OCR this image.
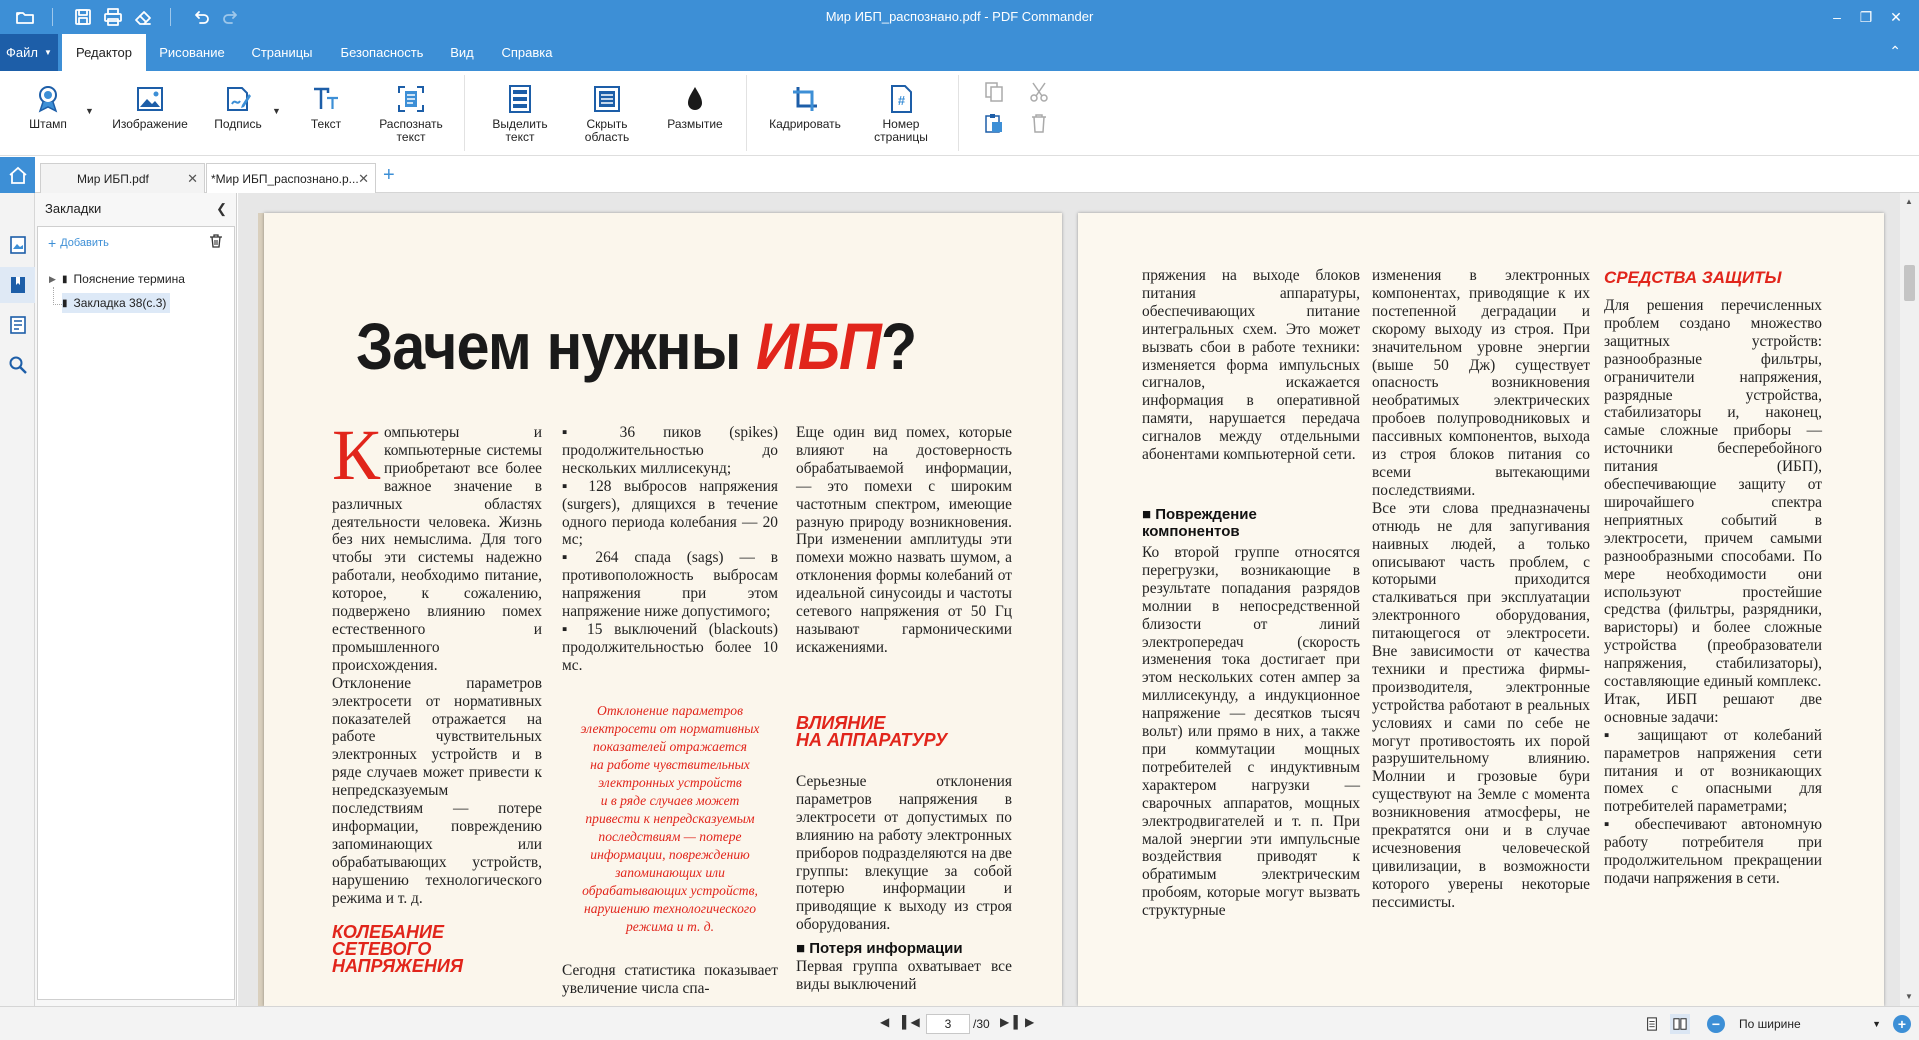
Мир ИБП_распознано.pdf - PDF Commander	–	❐	✕
Файл ▼	Редактор	Рисование	Страницы	Безопасность	Вид	Справка	⌃
Штамп
▼
Изображение Подпись
▼
Текст	Распознать
текст
Выделить
текст
Скрыть
область
Размытие	Кадрировать
#
Номер
страницы
Мир ИБП.pdf	✕ *Мир ИБП_распознано.p... ✕ +
Закладки	❮
+ Добавить
▶ ▮ Пояснение термина
▮ Закладка 38(с.3)
Зачем нужны ИБП?
Компьютеры и компьютерные системы приобретают все более важное значение в различных областях деятельности человека. Жизнь без них немыслима. Для того чтобы эти системы надежно работали, необходимо питание, которое, к сожалению, подвержено влиянию помех естественного и промышленного происхождения.
Отклонение параметров электросети от нормативных показателей отражается на работе чувствительных электронных устройств и в ряде случаев может привести к непредсказуемым последствиям — потере информации, повреждению запоминающих или обрабатывающих устройств, нарушению технологического режима и т. д.
КОЛЕБАНИЕ
СЕТЕВОГО
НАПРЯЖЕНИЯ
▪ 36 пиков (spikes) продолжительностью до нескольких миллисекунд;
▪ 128 выбросов напряжения (surgers), длящихся в течение одного периода колебания — 20 мс;
▪ 264 спада (sags) — в противоположность выбросам напряжения при этом напряжение ниже допустимого;
▪ 15 выключений (blackouts) продолжительностью более 10 мс.
Отклонение параметров
электросети от нормативных
показателей отражается
на работе чувствительных
электронных устройств
и в ряде случаев может
привести к непредсказуемым
последствиям — потере
информации, повреждению
запоминающих или
обрабатывающих устройств,
нарушению технологического
режима и т. д.
Сегодня статистика показывает увеличение числа спа-
Еще один вид помех, которые влияют на достоверность обрабатываемой информации, — это помехи с широким частотным спектром, имеющие разную природу возникновения. При изменении амплитуды эти помехи можно назвать шумом, а отклонения формы колебаний от идеальной синусоиды и частоты сетевого напряжения от 50 Гц называют гармоническими искажениями.
ВЛИЯНИЕ
НА АППАРАТУРУ
Серьезные отклонения параметров напряжения в электросети от допустимых по влиянию на работу электронных приборов подразделяются на две группы: влекущие за собой потерю информации и приводящие к выходу из строя оборудования.
■ Потеря информации
Первая группа охватывает все виды выключений
пряжения на выходе блоков питания аппаратуры, обеспечивающих питание интегральных схем. Это может вызвать сбои в работе техники: изменяется форма импульсных сигналов, искажается информация в оперативной памяти, нарушается передача сигналов между отдельными абонентами компьютерной сети.
■ Повреждение
компонентов
Ко второй группе относятся перегрузки, возникающие в результате попадания разрядов молнии в непосредственной близости от линий электропередач (скорость изменения тока достигает при этом нескольких сотен ампер за миллисекунду, а индукционное напряжение — десятков тысяч вольт) или прямо в них, а также при коммутации мощных потребителей с индуктивным характером нагрузки — сварочных аппаратов, мощных электродвигателей и т. п. При малой энергии эти импульсные воздействия приводят к обратимым электрическим пробоям, которые могут вызвать структурные
изменения в электронных компонентах, приводящие к их постепенной деградации и скорому выходу из строя. При значительном уровне энергии (выше 50 Дж) существует опасность возникновения необратимых электрических пробоев полупроводниковых и пассивных компонентов, выхода из строя блоков питания со всеми вытекающими последствиями.
Все эти слова предназначены отнюдь не для запугивания наивных людей, а только описывают часть проблем, с которыми приходится сталкиваться при эксплуатации электронного оборудования, питающегося от электросети. Вне зависимости от качества техники и престижа фирмы-производителя, электронные устройства работают в реальных условиях и сами по себе не могут противостоять их порой разрушительному влиянию. Молнии и грозовые бури существуют на Земле с момента возникновения атмосферы, не прекратятся они и в случае исчезновения человеческой цивилизации, в возможности которого уверены некоторые пессимисты.
СРЕДСТВА ЗАЩИТЫ
Для решения перечисленных проблем создано множество защитных устройств: разнообразные фильтры, ограничители напряжения, разрядные устройства, стабилизаторы и, наконец, самые сложные приборы — источники бесперебойного питания (ИБП), обеспечивающие защиту от широчайшего спектра неприятных событий в электросети, причем самыми разнообразными способами. По мере необходимости они используют простейшие средства (фильтры, разрядники, варисторы) и более сложные устройства (преобразователи напряжения, стабилизаторы), составляющие единый комплекс.
Итак, ИБП решают две основные задачи:
▪ защищают от колебаний параметров напряжения сети питания и от возникающих помех с опасными для потребителей параметрами;
▪ обеспечивают автономную работу потребителя при продолжительном прекращении подачи напряжения в сети.
▲
▼
◀ ▌◀	3	/30 ▶▐ ▶	−	По ширине	▼	+
